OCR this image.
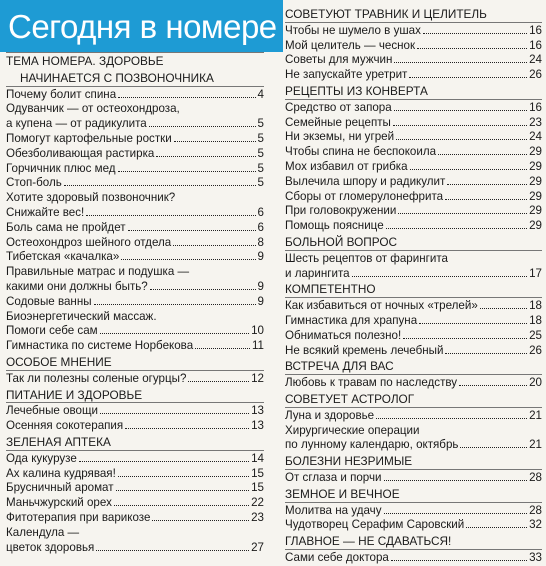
Сегодня в номере
ТЕМА НОМЕРА. ЗДОРОВЬЕ
НАЧИНАЕТСЯ С ПОЗВОНОЧНИКА
Почему болит спина	4
Одуванчик — от остеохондроза,
а купена — от радикулита	5
Помогут картофельные ростки	5
Обезболивающая растирка	5
Горчичник плюс мед	5
Стоп-боль	5
Хотите здоровый позвоночник?
Снижайте вес!	6
Боль сама не пройдет	6
Остеохондроз шейного отдела	8
Тибетская «качалка»	9
Правильные матрас и подушка —
какими они должны быть?	9
Содовые ванны	9
Биоэнергетический массаж.
Помоги себе сам	10
Гимнастика по системе Норбекова	11
ОСОБОЕ МНЕНИЕ
Так ли полезны соленые огурцы?	12
ПИТАНИЕ И ЗДОРОВЬЕ
Лечебные овощи	13
Осенняя сокотерапия	13
ЗЕЛЕНАЯ АПТЕКА
Ода кукурузе	14
Ах калина кудрявая!	15
Брусничный аромат	15
Маньчжурский орех	22
Фитотерапия при варикозе	23
Календула —
цветок здоровья	27
СОВЕТУЮТ ТРАВНИК И ЦЕЛИТЕЛЬ
Чтобы не шумело в ушах	16
Мой целитель — чеснок	16
Советы для мужчин	24
Не запускайте уретрит	26
РЕЦЕПТЫ ИЗ КОНВЕРТА
Средство от запора	16
Семейные рецепты	23
Ни экземы, ни угрей	24
Чтобы спина не беспокоила	29
Мох избавил от грибка	29
Вылечила шпору и радикулит	29
Сборы от гломерулонефрита	29
При головокружении	29
Помощь пояснице	29
БОЛЬНОЙ ВОПРОС
Шесть рецептов от фарингита
и ларингита	17
КОМПЕТЕНТНО
Как избавиться от ночных «трелей»	18
Гимнастика для храпуна	18
Обниматься полезно!	25
Не всякий кремень лечебный	26
ВСТРЕЧА ДЛЯ ВАС
Любовь к травам по наследству	20
СОВЕТУЕТ АСТРОЛОГ
Луна и здоровье	21
Хирургические операции
по лунному календарю, октябрь	21
БОЛЕЗНИ НЕЗРИМЫЕ
От сглаза и порчи	28
ЗЕМНОЕ И ВЕЧНОЕ
Молитва на удачу	28
Чудотворец Серафим Саровский	32
ГЛАВНОЕ — НЕ СДАВАТЬСЯ!
Сами себе доктора	33
